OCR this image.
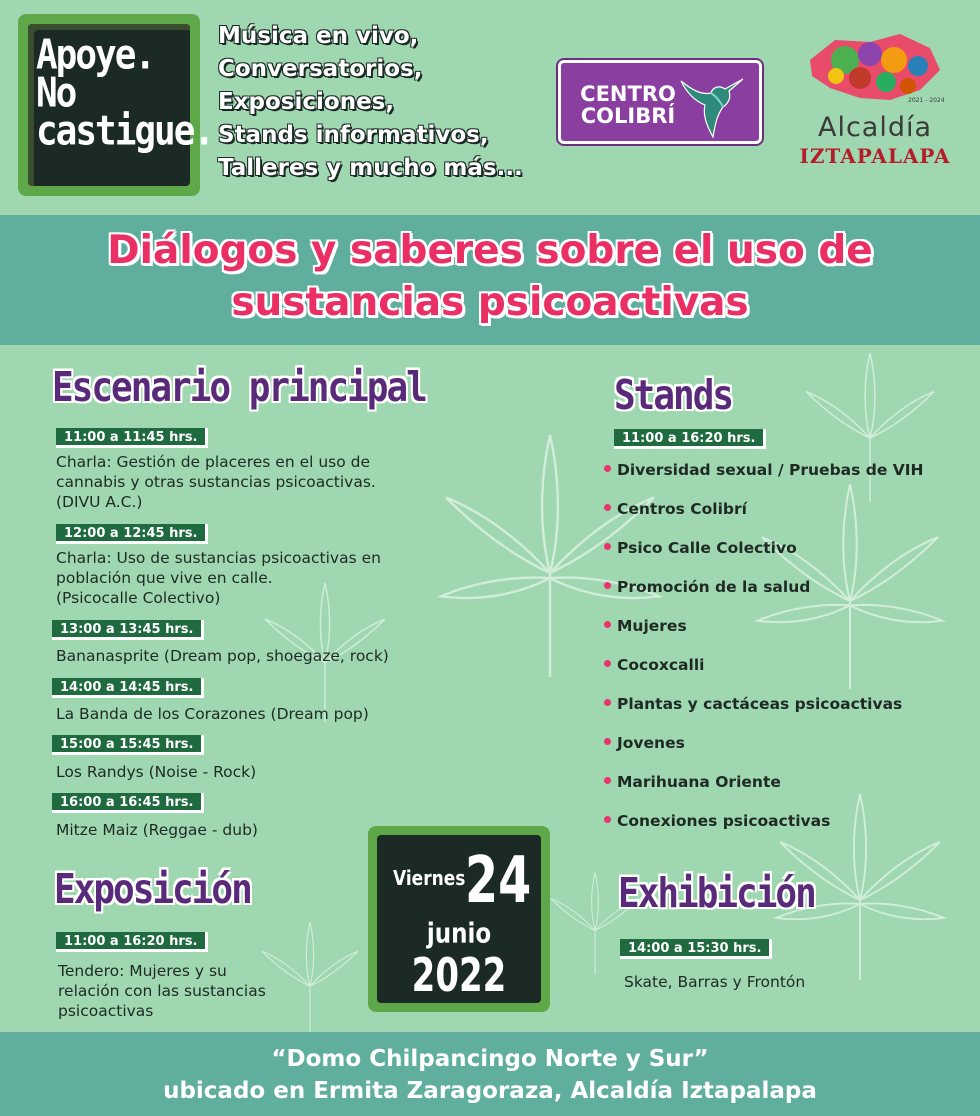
Apoye.
No
castigue.
Música en vivo,
Conversatorios,
Exposiciones,
Stands informativos,
Talleres y mucho más...
CENTRO
COLIBRÍ
2021 - 2024
Alcaldía
IZTAPALAPA
Diálogos y saberes sobre el uso de
sustancias psicoactivas
Escenario principal
11:00 a 11:45 hrs.
Charla: Gestión de placeres en el uso de
cannabis y otras sustancias psicoactivas.
(DIVU A.C.)
12:00 a 12:45 hrs.
Charla: Uso de sustancias psicoactivas en
población que vive en calle.
(Psicocalle Colectivo)
13:00 a 13:45 hrs.
Bananasprite (Dream pop, shoegaze, rock)
14:00 a 14:45 hrs.
La Banda de los Corazones (Dream pop)
15:00 a 15:45 hrs.
Los Randys (Noise - Rock)
16:00 a 16:45 hrs.
Mitze Maiz (Reggae - dub)
Stands
11:00 a 16:20 hrs.
Diversidad sexual / Pruebas de VIH
Centros Colibrí
Psico Calle Colectivo
Promoción de la salud
Mujeres
Cocoxcalli
Plantas y cactáceas psicoactivas
Jovenes
Marihuana Oriente
Conexiones psicoactivas
Exposición
11:00 a 16:20 hrs.
Tendero: Mujeres y su
relación con las sustancias
psicoactivas
Viernes 24
junio
2022
Exhibición
14:00 a 15:30 hrs.
Skate, Barras y Frontón
“Domo Chilpancingo Norte y Sur”
ubicado en Ermita Zaragoraza, Alcaldía Iztapalapa
